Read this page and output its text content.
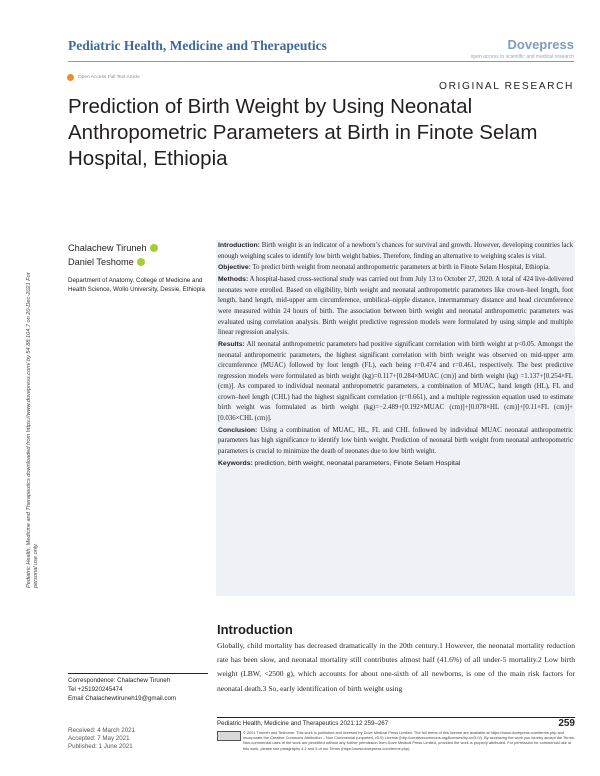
Pediatric Health, Medicine and Therapeutics	Dovepress
open access to scientific and medical research
Open Access Full Text Article
ORIGINAL RESEARCH
Prediction of Birth Weight by Using Neonatal Anthropometric Parameters at Birth in Finote Selam Hospital, Ethiopia
Pediatric Health, Medicine and Therapeutics downloaded from https://www.dovepress.com/ by 54.88.104.7 on 20-Dec-2021 For personal use only.
Chalachew Tiruneh
Daniel Teshome
Department of Anatomy, College of Medicine and Health Science, Wollo University, Dessie, Ethiopia

Introduction: Birth weight is an indicator of a newborn’s chances for survival and growth. However, developing countries lack enough weighing scales to identify low birth weight babies. Therefore, finding an alternative to weighing scales is vital.

Objective: To predict birth weight from neonatal anthropometric parameters at birth in Finote Selam Hospital, Ethiopia.

Methods: A hospital-based cross-sectional study was carried out from July 13 to October 27, 2020. A total of 424 live-delivered neonates were enrolled. Based on eligibility, birth weight and neonatal anthropometric parameters like crown–heel length, foot length, hand length, mid-upper arm circumference, umbilical–nipple distance, intermammary distance and head circumference were measured within 24 hours of birth. The association between birth weight and neonatal anthropometric parameters was evaluated using correlation analysis. Birth weight predictive regression models were formulated by using simple and multiple linear regression analysis.

Results: All neonatal anthropometric parameters had positive significant correlation with birth weight at p<0.05. Amongst the neonatal anthropometric parameters, the highest significant correlation with birth weight was observed on mid-upper arm circumference (MUAC) followed by foot length (FL), each being r=0.474 and r=0.461, respectively. The best predictive regression models were formulated as birth weight (kg)=0.117+[0.284×MUAC (cm)] and birth weight (kg) =1.137+[0.254×FL (cm)]. As compared to individual neonatal anthropometric parameters, a combination of MUAC, hand length (HL), FL and crown–heel length (CHL) had the highest significant correlation (r=0.661), and a multiple regression equation used to estimate birth weight was formulated as birth weight (kg)=−2.489+[0.192×MUAC (cm)]+[0.078×HL (cm)]+[0.11×FL (cm)]+[0.036×CHL (cm)].

Conclusion: Using a combination of MUAC, HL, FL and CHL followed by individual MUAC neonatal anthropometric parameters has high significance to identify low birth weight. Prediction of neonatal birth weight from neonatal anthropometric parameters is crucial to minimize the death of neonates due to low birth weight.

Keywords: prediction, birth weight, neonatal parameters, Finote Selam Hospital

Introduction

Globally, child mortality has decreased dramatically in the 20th century.1 However, the neonatal mortality reduction rate has been slow, and neonatal mortality still contributes almost half (41.6%) of all under-5 mortality.2 Low birth weight (LBW, <2500 g), which accounts for about one-sixth of all newborns, is one of the main risk factors for neonatal death.3 So, early identification of birth weight using

Correspondence: Chalachew Tiruneh
Tel +251920245474
Email Chalachewtiruneh19@gmail.com
Received: 4 March 2021
Accepted: 7 May 2021
Published: 1 June 2021
Pediatric Health, Medicine and Therapeutics 2021:12 259–267	259
© 2021 Tiruneh and Teshome. This work is published and licensed by Dove Medical Press Limited. The full terms of this license are available at https://www.dovepress.com/terms.php and incorporate the Creative Commons Attribution – Non Commercial (unported, v3.0) License (http://creativecommons.org/licenses/by-nc/3.0/). By accessing the work you hereby accept the Terms. Non-commercial uses of the work are permitted without any further permission from Dove Medical Press Limited, provided the work is properly attributed. For permission for commercial use of this work, please see paragraphs 4.2 and 5 of our Terms (https://www.dovepress.com/terms.php).
